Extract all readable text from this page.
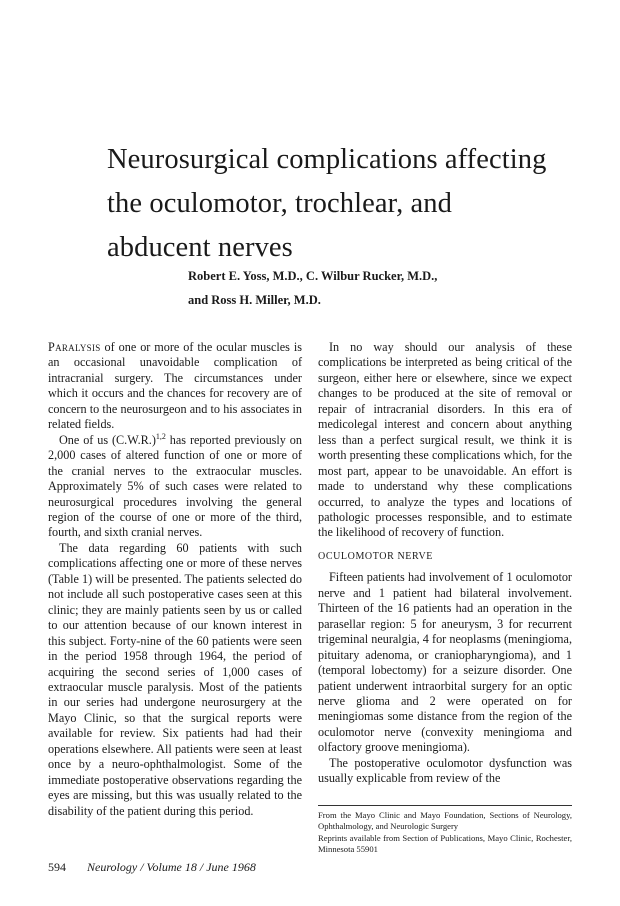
Neurosurgical complications affecting
the oculomotor, trochlear, and
abducent nerves
Robert E. Yoss, M.D., C. Wilbur Rucker, M.D.,
and Ross H. Miller, M.D.

Paralysis of one or more of the ocular muscles is an occasional unavoidable complication of intracranial surgery. The circumstances under which it occurs and the chances for recovery are of concern to the neurosurgeon and to his associates in related fields.

One of us $(C.W.R.)^{1,2}$ has reported previously on 2,000 cases of altered function of one or more of the cranial nerves to the extraocular muscles. Approximately 5% of such cases were related to neurosurgical procedures involving the general region of the course of one or more of the third, fourth, and sixth cranial nerves.

The data regarding 60 patients with such complications affecting one or more of these nerves (Table 1) will be presented. The patients selected do not include all such postoperative cases seen at this clinic; they are mainly patients seen by us or called to our attention because of our known interest in this subject. Forty-nine of the 60 patients were seen in the period 1958 through 1964, the period of acquiring the second series of 1,000 cases of extraocular muscle paralysis. Most of the patients in our series had undergone neurosurgery at the Mayo Clinic, so that the surgical reports were available for review. Six patients had had their operations elsewhere. All patients were seen at least once by a neuro-ophthalmologist. Some of the immediate postoperative observations regarding the eyes are missing, but this was usually related to the disability of the patient during this period.

In no way should our analysis of these complications be interpreted as being critical of the surgeon, either here or elsewhere, since we expect changes to be produced at the site of removal or repair of intracranial disorders. In this era of medicolegal interest and concern about anything less than a perfect surgical result, we think it is worth presenting these complications which, for the most part, appear to be unavoidable. An effort is made to understand why these complications occurred, to analyze the types and locations of pathologic processes responsible, and to estimate the likelihood of recovery of function.

OCULOMOTOR NERVE

Fifteen patients had involvement of 1 oculomotor nerve and 1 patient had bilateral involvement. Thirteen of the 16 patients had an operation in the parasellar region: 5 for aneurysm, 3 for recurrent trigeminal neuralgia, 4 for neoplasms (meningioma, pituitary adenoma, or craniopharyngioma), and 1 (temporal lobectomy) for a seizure disorder. One patient underwent intraorbital surgery for an optic nerve glioma and 2 were operated on for meningiomas some distance from the region of the oculomotor nerve (convexity meningioma and olfactory groove meningioma).

The postoperative oculomotor dysfunction was usually explicable from review of the

From the Mayo Clinic and Mayo Foundation, Sections of Neurology, Ophthalmology, and Neurologic Surgery

Reprints available from Section of Publications, Mayo Clinic, Rochester, Minnesota 55901

594 Neurology / Volume 18 / June 1968
